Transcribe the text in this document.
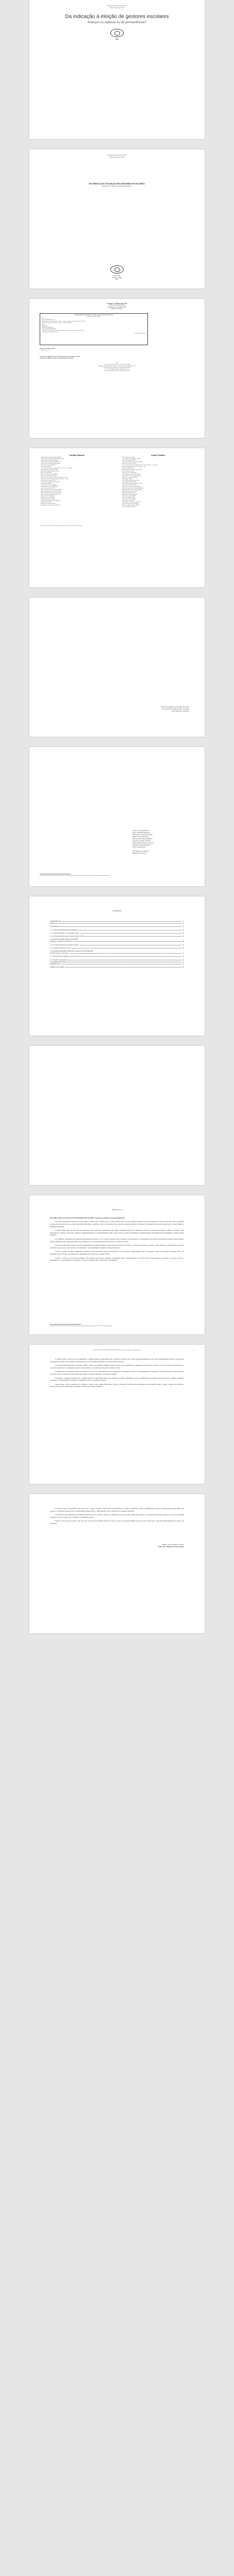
Fabíola Menezes dos Santos
Alda Cristina de Pinho
Da indicação à eleição de gestores escolares
Avanços ou rupturas ou de permanências?
CRV
Fabíola Menezes dos Santos
Alda Cristina de Pinho
DA INDICAÇÃO À ELEIÇÃO DE GESTORES ESCOLARES:
Avanços ou rupturas ou de permanências?
Editora CRV
Curitiba - Brasil
2017
Copyright © da Editora CRV Ltda.
Editor-chefe: Railson Moura
Diagramação e Capa: Editora CRV
Revisão: Os Autores
DADOS INTERNACIONAIS DE CATALOGAÇÃO NA PUBLICAÇÃO (CIP)
CATALOGAÇÃO NA FONTE
S237
Santos, Fabíola Menezes dos.
Da indicação à eleição de gestores escolares: avanços ou rupturas ou de permanências? / Fabíola
Menezes dos Santos, Alda Cristina de Pinho – Curitiba: CRV, 2017.
126 p.
Bibliografia
ISBN 978-85-444-1883-5
DOI 10.24824/978854441883.5
1. Educação 2. Gestão escolar 3. Eleição 4. Gestores escolares 5. Participação social I. Pinho,
Alda Cristina de. II. Título III. Série.
CDU 37.014 CDD 371.2
Índice para catálogo sistemático
1. Gestão escolar 371.2
ESTA OBRA TAMBÉM ENCONTRA-SE DISPONÍVEL EM FORMATO DIGITAL.
CONHEÇA E COMPRE NO SITE: WWW.EDITORACRV.COM.BR
2017
Foi feito o depósito legal conf. Lei 10.994 de 14/12/2004
Proibida a reprodução parcial ou total desta obra sem autorização da Editora CRV
Todos os direitos desta edição reservados pela: Editora CRV
Tel.: (41) 3039-6418 - E-mail: sac@editoracrv.com.br
Conheça os nossos lançamentos: www.editoracrv.com.br
Conselho Editorial:
Aldira Guimarães Duarte Domínguez (UNB)
Andréia da Silva Quintanilha Sousa (UNIR/UFRN)
Antônio Pereira Gaio Júnior (UFRRJ)
Carlos Alberto Vilar Estêvão (UMINHO – PT)
Carlos Federico Dominguez Avila (Unieuro)
Carmen Tereza Velanga (UNIR)
Celso Conti (UFSCar)
Cesar Gerónimo Tello (Univer. Nacional Três de Febrero – Argentina)
Eduardo Fernandes Barbosa (UFMG)
Elione Maria Nogueira Diogenes (UFAL)
Élsio José Corá (UFFS)
Elizeu Clementino de Souza (UNEB)
Francisco Carlos Duarte (PUC-PR)
Gloria Fariñas León (Universidade de La Havana – Cuba)
Guillermo Arias Beatón (Universidade de La Havana – Cuba)
Jailson Alves dos Santos (UFRJ)
João Adalberto Campato Junior (UNESP)
Josania Portela (UFPI)
Leonel Severo Rocha (UNISINOS)
Lídia de Oliveira Xavier (UNIEURO)
Lourdes Helena da Silva (UFV)
Maria de Lourdes Pinto de Almeida (UNOESC)
Maria Lília Imbiriba Sousa Colares (UFOPA)
Maria Cristina dos Santos Bezerra (UFSCar)
Paulo Romualdo Hernandes (UNIFAL-MG)
Rodrigo Pratte-Santos (UFES)
Sérgio Nunes de Jesus (IFRO)
Simone Rodrigues Pinto (UNB)
Solange Helena Ximenes-Rocha (UFOPA)
Sydione Santos (UEPG)
Tadeu Oliver Gonçalves (UFPA)
Tania Suely Azevedo Brasileiro (UFOPA)
Comitê Científico:
Altair Alberto Fávero (UPF)
Ana Chrystina Venancio Mignot (UERJ)
Andréia N. Militão (UEMS)
Anna Augusta Sampaio de Oliveira (UNESP)
Barbara Coelho Neves (UFBA)
Cesar Gerónimo Tello (Universidad Nacional de Três de Febrero – Argentina)
Diosnel Centurion (Univ Americ. de Asunción – Py)
Eliane Rose Maio (UEM)
Elizabeth Regina Streisky de Farias (UEPG)
Fauston Negreiros (UFPI)
Francisco Ari de Andrade (UFC)
Gláucia Maria dos Santos Jorge (UFOP)
Helder Buenos Aires de Carvalho (UFPI)
Ilma Passos A. Veiga (UNICEUB)
Inês Bragança (UERJ)
José de Ribamar Sousa Pereira (UCB)
Jussara Fraga Portugal (UNEB)
Kilwangy Kya Kapitango-a-Samba (Unemat)
Lourdes Helena da Silva (UFV)
Marcos Vinicius Francisco (UNOESTE)
Maria de Lourdes Pinto de Almeida (UNOESC)
Maria Eurácia Barreto de Andrade (UFRB)
Maria Lurdes Lima Costa (UFPA)
Mohammed Elhajji (UFRJ)
Mônica Pereira dos Santos (UFRJ)
Najela Tavares Ujiie (UTFPR)
Nilson José Machado (USP)
Sérgio Nunes de Jesus (IFRO)
Silvia Regina Canan (URI)
Sonia Maria Ferreira Koehler (UNISAL)
Suzana dos Santos Gomes (UFMG)
Vânia Alves Martins Chaigar (FURG)
Vera Lucia Gaspar (UDESC)
Este livro passou por avaliação e aprovação às cegas de dois ou mais pareceristas ad hoc.
Dedico este trabalho aos meus pais que sempre
me apoiaram em minhas escolhas, com muito
amor, dedicação e sabedoria.
Sonhar o sonho impossível,
Sofrer a angústia implacável,
Pisar onde os bravos não ousam,
Reparar o mal irreparável,
Amar um amor casto à distância,
Enfrentar o inimigo invencível,
Tentar quando as forças se esvaem,
Alcançar a estrela inatingível:
Essa é a minha busca.

Dom Quixote de la Mancha
(Miguel de Cervantes)
Trecho extraído do livro Dom Quixote de La Mancha, do espanhol Miguel de Cervantes (1547–1616), considerado uma obra-prima da literatura ocidental.
SUMÁRIO
APRESENTAÇÃO	11
PREFÁCIO	13
INTRODUÇÃO	17
1. A GESTÃO DEMOCRÁTICA NO BRASIL	23
1.1 A Gestão democrática e a participação social	26
1.2 As Políticas públicas educacionais na década de 1990	33
2. ESCOLHA DE DIRETORES ESCOLARES:
mapeando os diferentes mecanismos	49
2.1 A escolha de diretores por indicação política	53
2.2 A eleição de diretores escolares	58
3. ELEIÇÕES PARA DIRETORES ESCOLARES NO MUNICÍPIO DE
BELÉM: avanços ou rupturas?	71
3.1 Caracterização do município e da rede	73
3.2 Os sujeitos da pesquisa	81
CONSIDERAÇÕES FINAIS	111
REFERÊNCIAS	117
SOBRE AS AUTORAS	125
PREFÁCIO
DA INDICAÇÃO À ELEIÇÃO DE GESTORES ESCOLARES: Avanços ou rupturas ou de permanências?

Esta obra é resultado de um esforço de pesquisa e reflexão que se debruça sobre a gestão democrática na escola pública brasileira, tema que permanece central nos debates sobre a qualidade da educação em nosso país. As autoras apresentam um estudo cuidadoso sobre os mecanismos de escolha de diretores escolares, analisando a passagem da indicação política para a eleição direta no município de Belém.

A gestão democrática da educação foi consagrada como princípio constitucional em 1988 e reafirmada pela Lei de Diretrizes e Bases da Educação Nacional de 1996. No entanto, a sua efetivação no cotidiano das escolas continua a exigir investigação e acompanhamento crítico, uma vez que as práticas clientelistas e patrimonialistas ainda marcam profundamente a cultura política brasileira.

Ao examinar a experiência das eleições para diretores escolares, o livro revela as tensões entre o discurso da participação e as permanências de práticas autoritárias, mostrando que a eleição, embora represente um avanço importante, não garante por si só a democratização das relações no interior da escola.

O leitor encontrará aqui uma discussão fundamentada nas políticas públicas educacionais da década de 1990, no contexto da reforma do Estado, e uma análise dos depoimentos de sujeitos envolvidos no processo, que revelam as contradições e as possibilidades da gestão escolar participativa.

Trata-se, portanto, de uma contribuição relevante para pesquisadores, gestores, professores e todos aqueles comprometidos com a construção de uma escola pública, gratuita, laica e de qualidade social, em que a participação da comunidade seja efetiva e não apenas formal.

Convido o leitor a percorrer estas páginas com atenção, pois elas nos ajudam a compreender que a democratização da escola é um processo histórico, marcado por avanços, recuos e permanências, e que depende da organização e da luta dos sujeitos que a constroem cotidianamente.

Professora da Universidade Federal do Pará. Doutora em Educação. Membro do grupo de pesquisa sobre Gestão e Políticas Educacionais.
DA INDICAÇÃO À ELEIÇÃO DE GESTORES ESCOLARES: Avanços ou rupturas ou de permanências?

O diálogo entre os autores que fundamentam o trabalho permite compreender que a escolha de diretores não é uma questão meramente técnica, mas essencialmente política, vinculada às concepções de Estado, de sociedade e de educação que se encontram em disputa em cada momento histórico.

As autoras demonstram que a indicação política, prática predominante durante décadas, serviu como instrumento de manutenção de relações de poder e de troca de favores, distanciando a escola dos interesses da comunidade escolar e subordinando-a aos interesses de grupos políticos locais.

A implantação das eleições diretas para diretores, por sua vez, é apresentada como conquista dos movimentos sociais e dos trabalhadores em educação, que reivindicaram a democratização da gestão escolar como parte de um projeto mais amplo de democratização da sociedade brasileira.

Entretanto, a pesquisa evidencia que a simples adoção do mecanismo eletivo não elimina as práticas clientelistas, que se reconfiguram e persistem sob novas formas, exigindo vigilância constante e o fortalecimento de instâncias colegiadas como os conselhos escolares.

Dessa forma, o livro contribui para o debate ao mostrar que a gestão democrática requer a articulação de diferentes mecanismos de participação, entre os quais a eleição de diretores é apenas um, ainda que fundamental, elemento de um processo mais complexo.

15

Por fim, ressalto a importância desta obra para o campo da gestão educacional, especialmente no contexto amazônico, onde as desigualdades sociais e educacionais tornam ainda mais urgente a construção de uma escola verdadeiramente democrática e comprometida com os interesses das camadas populares.

As reflexões aqui apresentadas certamente inspirarão novos estudos e práticas, contribuindo para que a gestão democrática deixe de ser apenas um princípio legal e se torne uma realidade vivida por todos os sujeitos que compõem a comunidade escolar.

Desejo a todos uma boa leitura e que este livro possa suscitar debates profícuos sobre os rumos da educação pública em nosso país, fortalecendo a luta pela democratização da escola e da sociedade.

Belém, 10 de novembro de 2016.
Profa. Dra. Maria do Socorro Gomes
